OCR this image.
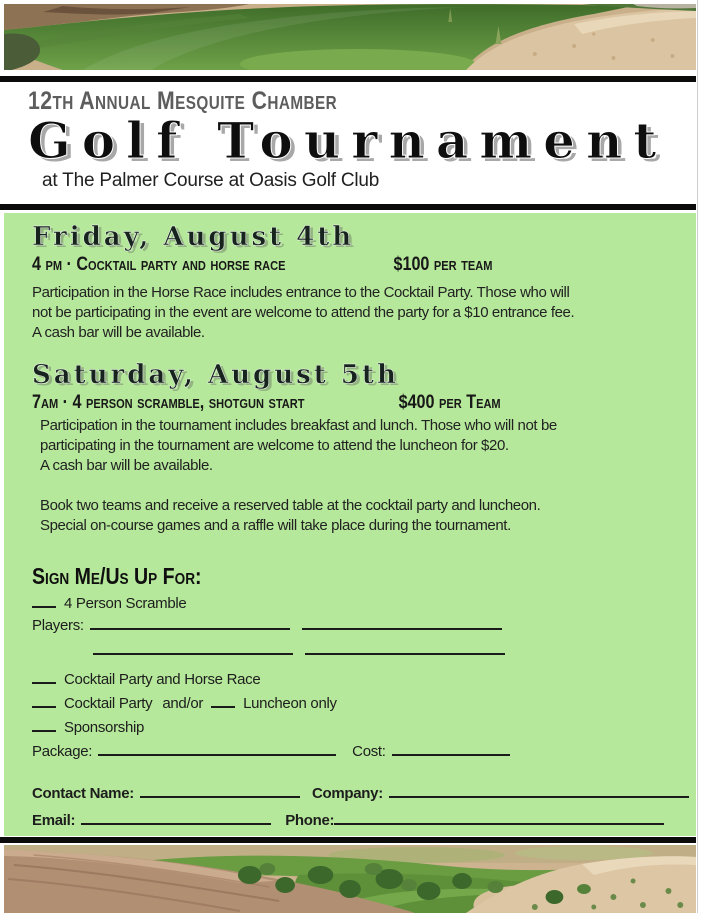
12th Annual Mesquite Chamber
Golf Tournament
at The Palmer Course at Oasis Golf Club
Friday, August 4th
4 pm · Cocktail party and horse race	$100 per team
Participation in the Horse Race includes entrance to the Cocktail Party. Those who will
not be participating in the event are welcome to attend the party for a $10 entrance fee.
A cash bar will be available.
Saturday, August 5th
7am · 4 person scramble, shotgun start	$400 per Team
Participation in the tournament includes breakfast and lunch. Those who will not be
participating in the tournament are welcome to attend the luncheon for $20.
A cash bar will be available.
Book two teams and receive a reserved table at the cocktail party and luncheon.
Special on-course games and a raffle will take place during the tournament.
Sign Me/Us Up For:
4 Person Scramble
Players:
Cocktail Party and Horse Race
Cocktail Party and/or	Luncheon only
Sponsorship
Package:	Cost:
Contact Name:	Company:
Email:	Phone:
